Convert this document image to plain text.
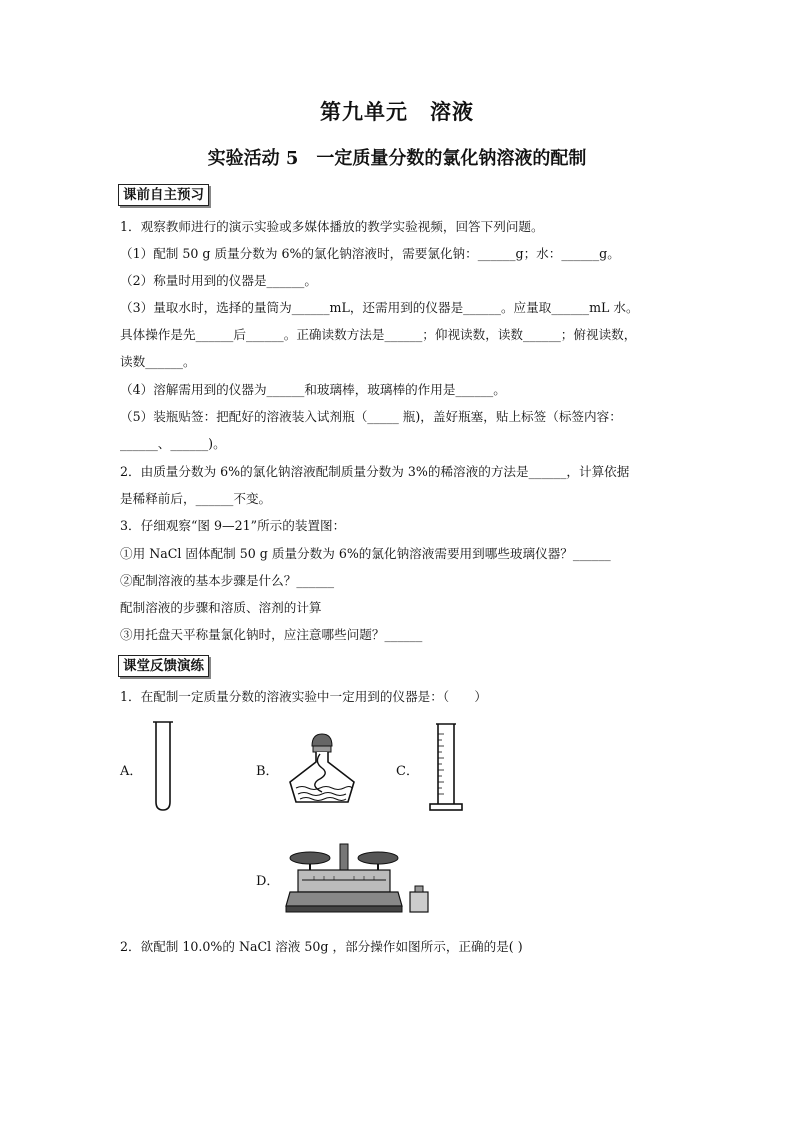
第九单元　溶液
实验活动 5　一定质量分数的氯化钠溶液的配制
课前自主预习
1．观察教师进行的演示实验或多媒体播放的教学实验视频，回答下列问题。
（1）配制 50 g 质量分数为 6%的氯化钠溶液时，需要氯化钠：______g；水：______g。
（2）称量时用到的仪器是______。
（3）量取水时，选择的量筒为______mL，还需用到的仪器是______。应量取______mL 水。
具体操作是先______后______。正确读数方法是______；仰视读数，读数______；俯视读数，
读数______。
（4）溶解需用到的仪器为______和玻璃棒，玻璃棒的作用是______。
（5）装瓶贴签：把配好的溶液装入试剂瓶（_____ 瓶)，盖好瓶塞，贴上标签（标签内容：
______、______)。
2．由质量分数为 6%的氯化钠溶液配制质量分数为 3%的稀溶液的方法是______，计算依据
是稀释前后，______不变。
3．仔细观察“图 9—21”所示的装置图：
①用 NaCl 固体配制 50 g 质量分数为 6%的氯化钠溶液需要用到哪些玻璃仪器？______
②配制溶液的基本步骤是什么？______
配制溶液的步骤和溶质、溶剂的计算
③用托盘天平称量氯化钠时，应注意哪些问题？______
课堂反馈演练
1．在配制一定质量分数的溶液实验中一定用到的仪器是：（　　）
A．	B．	C．
D．
2．欲配制 10.0%的 NaCl 溶液 50g ，部分操作如图所示，正确的是( )
